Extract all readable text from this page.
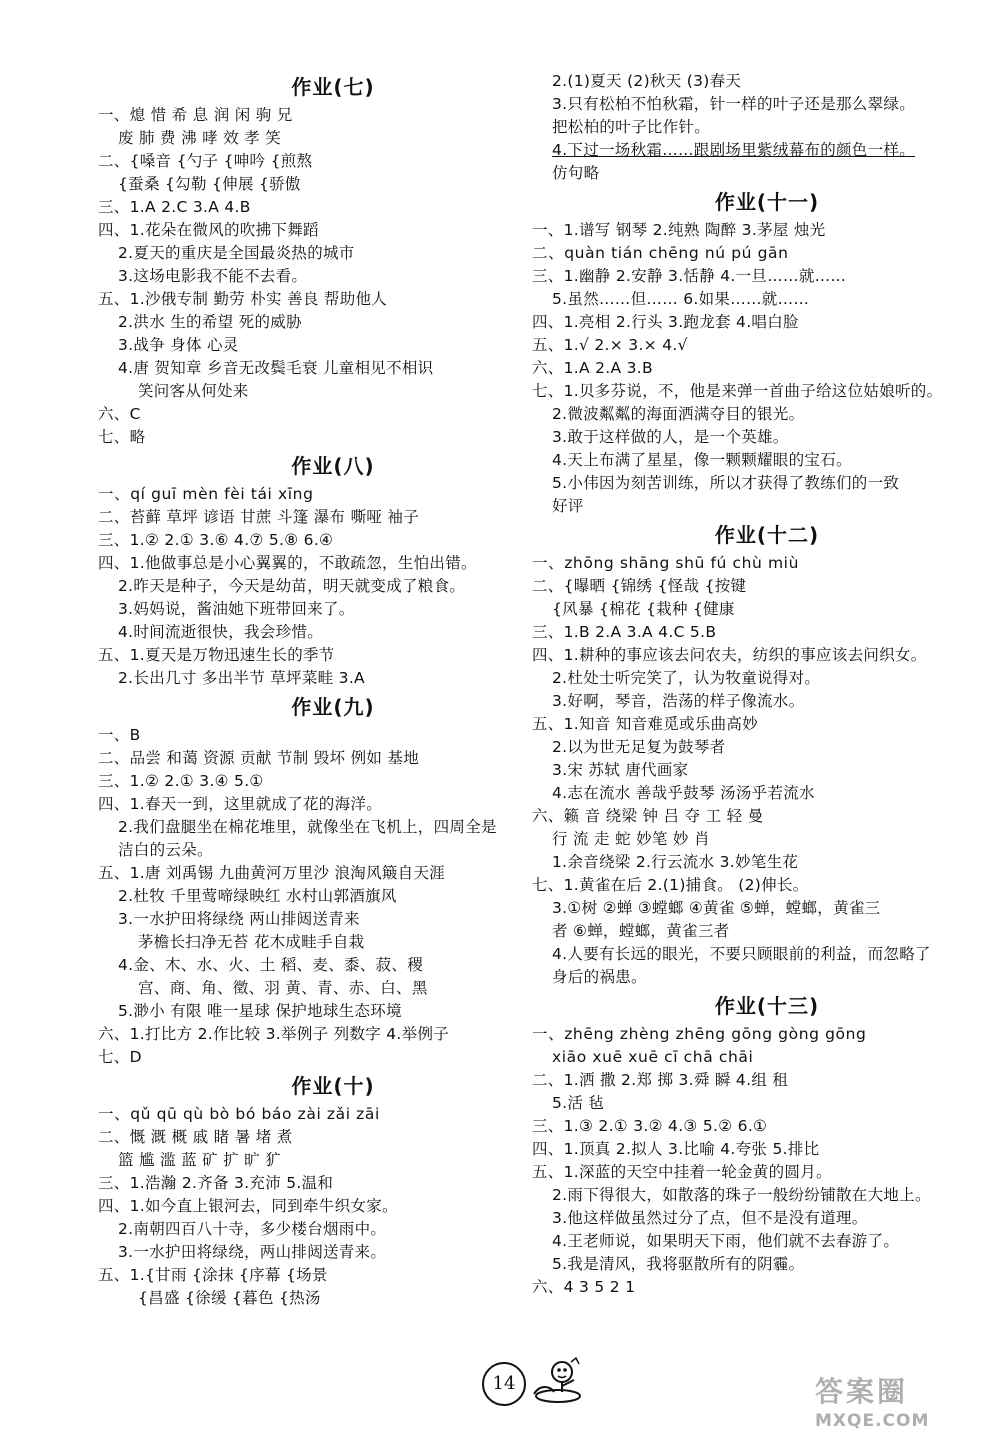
作业(七)
一、熄 惜 希 息 润 闲 驹 兄
废 肺 费 沸 哮 效 孝 笑
二、{嗓音 {勺子 {呻吟 {煎熬
{蚕桑 {勾勒 {伸展 {骄傲
三、1.A 2.C 3.A 4.B
四、1.花朵在微风的吹拂下舞蹈
2.夏天的重庆是全国最炎热的城市
3.这场电影我不能不去看。
五、1.沙俄专制 勤劳 朴实 善良 帮助他人
2.洪水 生的希望 死的威胁
3.战争 身体 心灵
4.唐 贺知章 乡音无改鬓毛衰 儿童相见不相识
笑问客从何处来
六、C
七、略
作业(八)
一、qí guī mèn fèi tái xīng
二、苔藓 草坪 谚语 甘蔗 斗篷 瀑布 嘶哑 袖子
三、1.② 2.① 3.⑥ 4.⑦ 5.⑧ 6.④
四、1.他做事总是小心翼翼的，不敢疏忽，生怕出错。
2.昨天是种子，今天是幼苗，明天就变成了粮食。
3.妈妈说，酱油她下班带回来了。
4.时间流逝很快，我会珍惜。
五、1.夏天是万物迅速生长的季节
2.长出几寸 多出半节 草坪菜畦 3.A
作业(九)
一、B
二、品尝 和蔼 资源 贡献 节制 毁坏 例如 基地
三、1.② 2.① 3.④ 5.①
四、1.春天一到，这里就成了花的海洋。
2.我们盘腿坐在棉花堆里，就像坐在飞机上，四周全是
洁白的云朵。
五、1.唐 刘禹锡 九曲黄河万里沙 浪淘风簸自天涯
2.杜牧 千里莺啼绿映红 水村山郭酒旗风
3.一水护田将绿绕 两山排闼送青来
茅檐长扫净无苔 花木成畦手自栽
4.金、木、水、火、土 稻、麦、黍、菽、稷
宫、商、角、徵、羽 黄、青、赤、白、黑
5.渺小 有限 唯一星球 保护地球生态环境
六、1.打比方 2.作比较 3.举例子 列数字 4.举例子
七、D
作业(十)
一、qǔ qū qù bò bó báo zài zǎi zāi
二、慨 溉 概 戚 睹 暑 堵 煮
篮 尴 滥 蓝 矿 扩 旷 犷
三、1.浩瀚 2.齐备 3.充沛 5.温和
四、1.如今直上银河去，同到牵牛织女家。
2.南朝四百八十寺，多少楼台烟雨中。
3.一水护田将绿绕，两山排闼送青来。
五、1.{甘雨 {涂抹 {序幕 {场景
{昌盛 {徐缓 {暮色 {热汤
2.(1)夏天 (2)秋天 (3)春天
3.只有松柏不怕秋霜，针一样的叶子还是那么翠绿。
把松柏的叶子比作针。
4.下过一场秋霜……跟剧场里紫绒幕布的颜色一样。
仿句略
作业(十一)
一、1.谱写 钢琴 2.纯熟 陶醉 3.茅屋 烛光
二、quàn tián chēng nú pú gān
三、1.幽静 2.安静 3.恬静 4.一旦……就……
5.虽然……但…… 6.如果……就……
四、1.亮相 2.行头 3.跑龙套 4.唱白脸
五、1.√ 2.× 3.× 4.√
六、1.A 2.A 3.B
七、1.贝多芬说，不，他是来弹一首曲子给这位姑娘听的。
2.微波粼粼的海面洒满夺目的银光。
3.敢于这样做的人，是一个英雄。
4.天上布满了星星，像一颗颗耀眼的宝石。
5.小伟因为刻苦训练，所以才获得了教练们的一致
好评
作业(十二)
一、zhōng shāng shū fú chù miù
二、{曝晒 {锦绣 {怪哉 {按键
{风暴 {棉花 {栽种 {健康
三、1.B 2.A 3.A 4.C 5.B
四、1.耕种的事应该去问农夫，纺织的事应该去问织女。
2.杜处士听完笑了，认为牧童说得对。
3.好啊，琴音，浩荡的样子像流水。
五、1.知音 知音难觅或乐曲高妙
2.以为世无足复为鼓琴者
3.宋 苏轼 唐代画家
4.志在流水 善哉乎鼓琴 汤汤乎若流水
六、籁 音 绕梁 钟 吕 夺 工 轻 曼
行 流 走 蛇 妙笔 妙 肖
1.余音绕梁 2.行云流水 3.妙笔生花
七、1.黄雀在后 2.(1)捕食。 (2)伸长。
3.①树 ②蝉 ③螳螂 ④黄雀 ⑤蝉，螳螂，黄雀三
者 ⑥蝉，螳螂，黄雀三者
4.人要有长远的眼光，不要只顾眼前的利益，而忽略了
身后的祸患。
作业(十三)
一、zhēng zhèng zhēng gōng gòng gōng
xiāo xuē xuē cī chā chāi
二、1.洒 撒 2.郑 掷 3.舜 瞬 4.组 租
5.活 毡
三、1.③ 2.① 3.② 4.③ 5.② 6.①
四、1.顶真 2.拟人 3.比喻 4.夸张 5.排比
五、1.深蓝的天空中挂着一轮金黄的圆月。
2.雨下得很大，如散落的珠子一般纷纷铺散在大地上。
3.他这样做虽然过分了点，但不是没有道理。
4.王老师说，如果明天下雨，他们就不去春游了。
5.我是清风，我将驱散所有的阴霾。
六、4 3 5 2 1
14	答案圈
MXQE.COM
